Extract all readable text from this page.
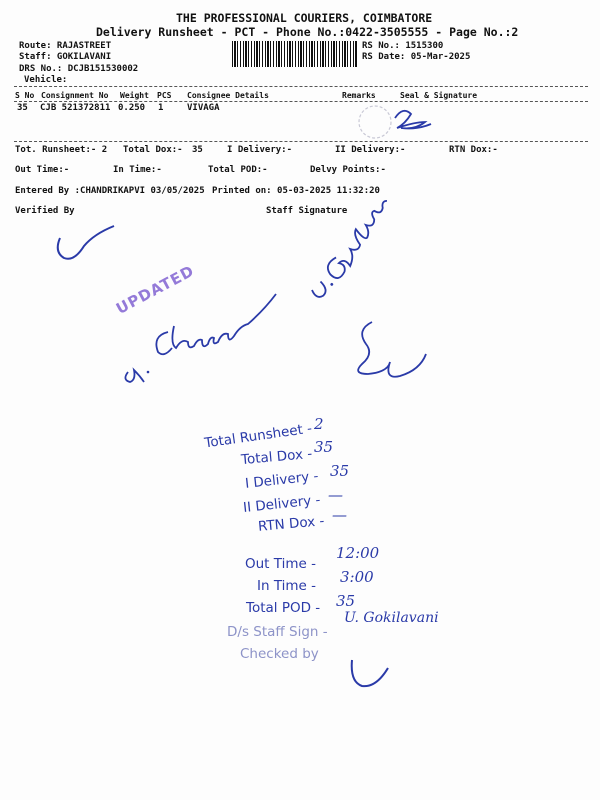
THE PROFESSIONAL COURIERS, COIMBATORE
Delivery Runsheet - PCT - Phone No.:0422-3505555 - Page No.:2
Route: RAJASTREET
Staff: GOKILAVANI
DRS No.: DCJB151530002
Vehicle:
RS No.: 1515300
RS Date: 05-Mar-2025
S No Consignment No Weight PCS Consignee Details	Remarks	Seal & Signature
35 CJB 521372811 0.250 1	VIVAGA
Tot. Runsheet:- 2 Total Dox:- 35	I Delivery:-	II Delivery:-	RTN Dox:-
Out Time:-	In Time:-	Total POD:-	Delvy Points:-
Entered By :CHANDRIKAPVI 03/05/2025 Printed on: 05-03-2025 11:32:20
Verified By	Staff Signature
UPDATED
Total Runsheet - 2
Total Dox - 35
I Delivery - 35
II Delivery - —
RTN Dox - —
Out Time -
12:00
In Time - 3:00
Total POD - 35
D/s Staff Sign -
U. Gokilavani
Checked by
